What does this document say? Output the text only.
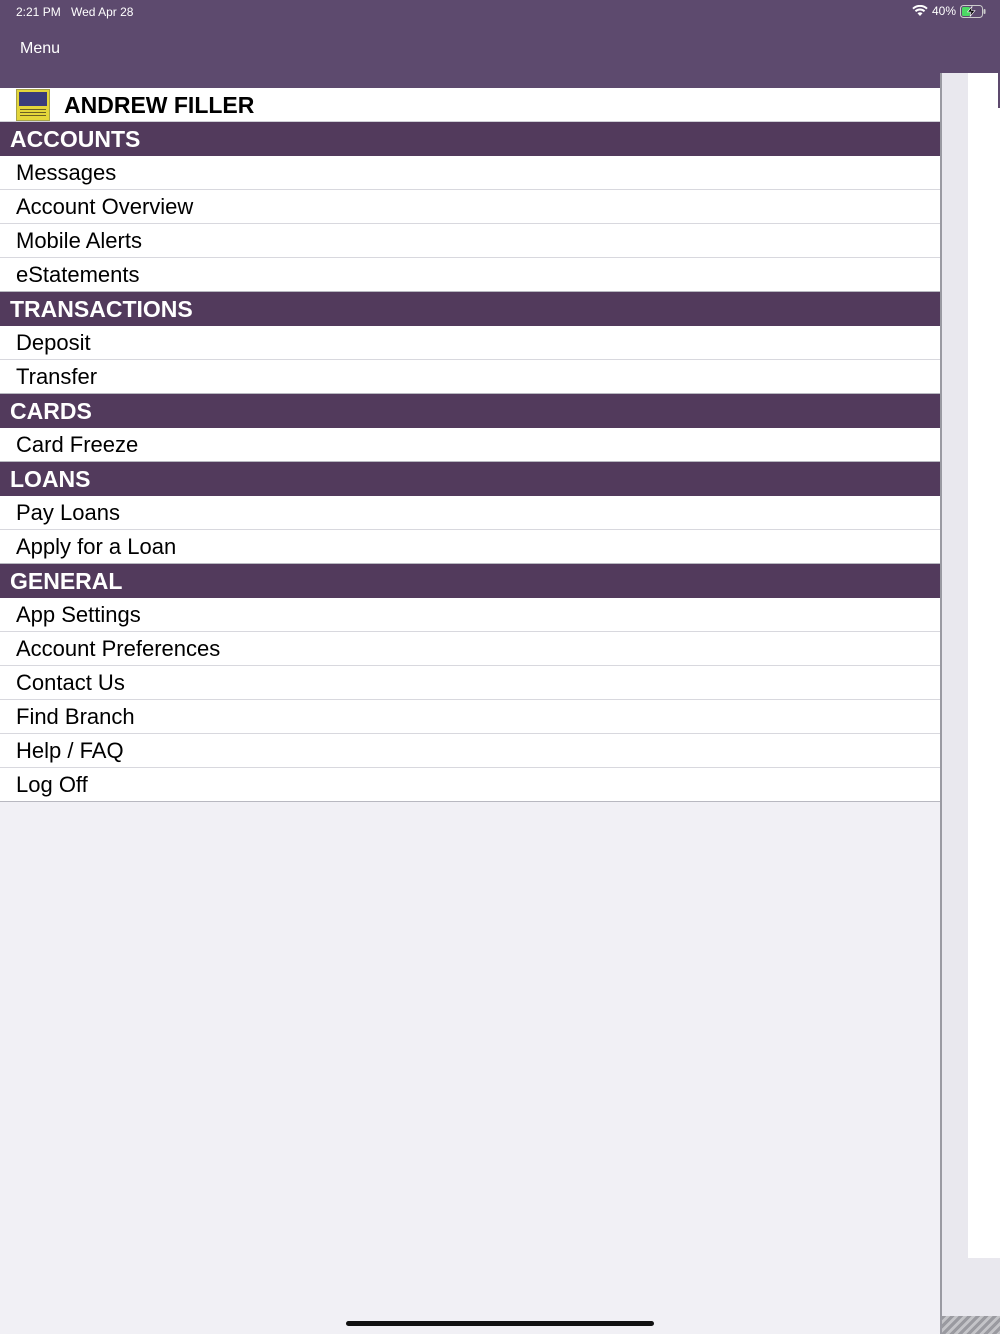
2:21 PM Wed Apr 28	40%
Menu
ANDREW FILLER
ACCOUNTS
Messages
Account Overview
Mobile Alerts
eStatements
TRANSACTIONS
Deposit
Transfer
CARDS
Card Freeze
LOANS
Pay Loans
Apply for a Loan
GENERAL
App Settings
Account Preferences
Contact Us
Find Branch
Help / FAQ
Log Off
